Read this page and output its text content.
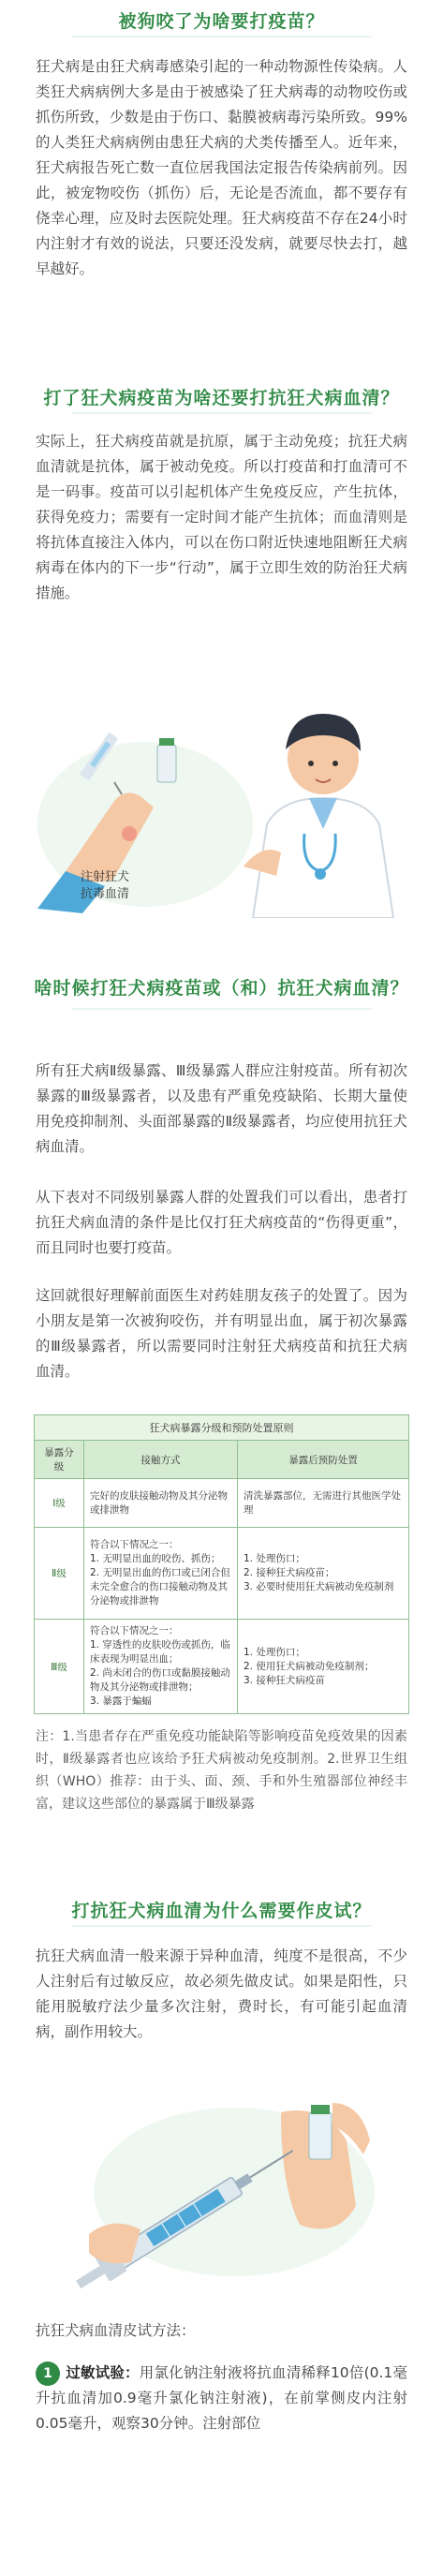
被狗咬了为啥要打疫苗？
狂犬病是由狂犬病毒感染引起的一种动物源性传染病。人类狂犬病病例大多是由于被感染了狂犬病毒的动物咬伤或抓伤所致，少数是由于伤口、黏膜被病毒污染所致。99%的人类狂犬病病例由患狂犬病的犬类传播至人。近年来，狂犬病报告死亡数一直位居我国法定报告传染病前列。因此，被宠物咬伤（抓伤）后，无论是否流血，都不要存有侥幸心理，应及时去医院处理。狂犬病疫苗不存在24小时内注射才有效的说法，只要还没发病，就要尽快去打，越早越好。
打了狂犬病疫苗为啥还要打抗狂犬病血清？
实际上，狂犬病疫苗就是抗原，属于主动免疫；抗狂犬病血清就是抗体，属于被动免疫。所以打疫苗和打血清可不是一码事。疫苗可以引起机体产生免疫反应，产生抗体，获得免疫力；需要有一定时间才能产生抗体；而血清则是将抗体直接注入体内，可以在伤口附近快速地阻断狂犬病病毒在体内的下一步“行动”，属于立即生效的防治狂犬病措施。
注射狂犬
抗毒血清
啥时候打狂犬病疫苗或（和）抗狂犬病血清？
所有狂犬病Ⅱ级暴露、Ⅲ级暴露人群应注射疫苗。所有初次暴露的Ⅲ级暴露者，以及患有严重免疫缺陷、长期大量使用免疫抑制剂、头面部暴露的Ⅱ级暴露者，均应使用抗狂犬病血清。
从下表对不同级别暴露人群的处置我们可以看出，患者打抗狂犬病血清的条件是比仅打狂犬病疫苗的“伤得更重”，而且同时也要打疫苗。
这回就很好理解前面医生对药娃朋友孩子的处置了。因为小朋友是第一次被狗咬伤，并有明显出血，属于初次暴露的Ⅲ级暴露者，所以需要同时注射狂犬病疫苗和抗狂犬病血清。
狂犬病暴露分级和预防处置原则		
暴露分级	接触方式	暴露后预防处置
Ⅰ级	完好的皮肤接触动物及其分泌物或排泄物	清洗暴露部位，无需进行其他医学处理
Ⅱ级	符合以下情况之一：
1. 无明显出血的咬伤、抓伤；
2. 无明显出血的伤口或已闭合但未完全愈合的伤口接触动物及其分泌物或排泄物	1. 处理伤口；
2. 接种狂犬病疫苗；
3. 必要时使用狂犬病被动免疫制剂
Ⅲ级	符合以下情况之一：
1. 穿透性的皮肤咬伤或抓伤，临床表现为明显出血；
2. 尚未闭合的伤口或黏膜接触动物及其分泌物或排泄物；
3. 暴露于蝙蝠	1. 处理伤口；
2. 使用狂犬病被动免疫制剂；
3. 接种狂犬病疫苗
注：1.当患者存在严重免疫功能缺陷等影响疫苗免疫效果的因素时，Ⅱ级暴露者也应该给予狂犬病被动免疫制剂。2.世界卫生组织（WHO）推荐：由于头、面、颈、手和外生殖器部位神经丰富，建议这些部位的暴露属于Ⅲ级暴露
打抗狂犬病血清为什么需要作皮试？
抗狂犬病血清一般来源于异种血清，纯度不是很高，不少人注射后有过敏反应，故必须先做皮试。如果是阳性，只能用脱敏疗法少量多次注射，费时长，有可能引起血清病，副作用较大。
抗狂犬病血清皮试方法：
1 过敏试验：用氯化钠注射液将抗血清稀释10倍(0.1毫升抗血清加0.9毫升氯化钠注射液)，在前掌侧皮内注射0.05毫升，观察30分钟。注射部位
